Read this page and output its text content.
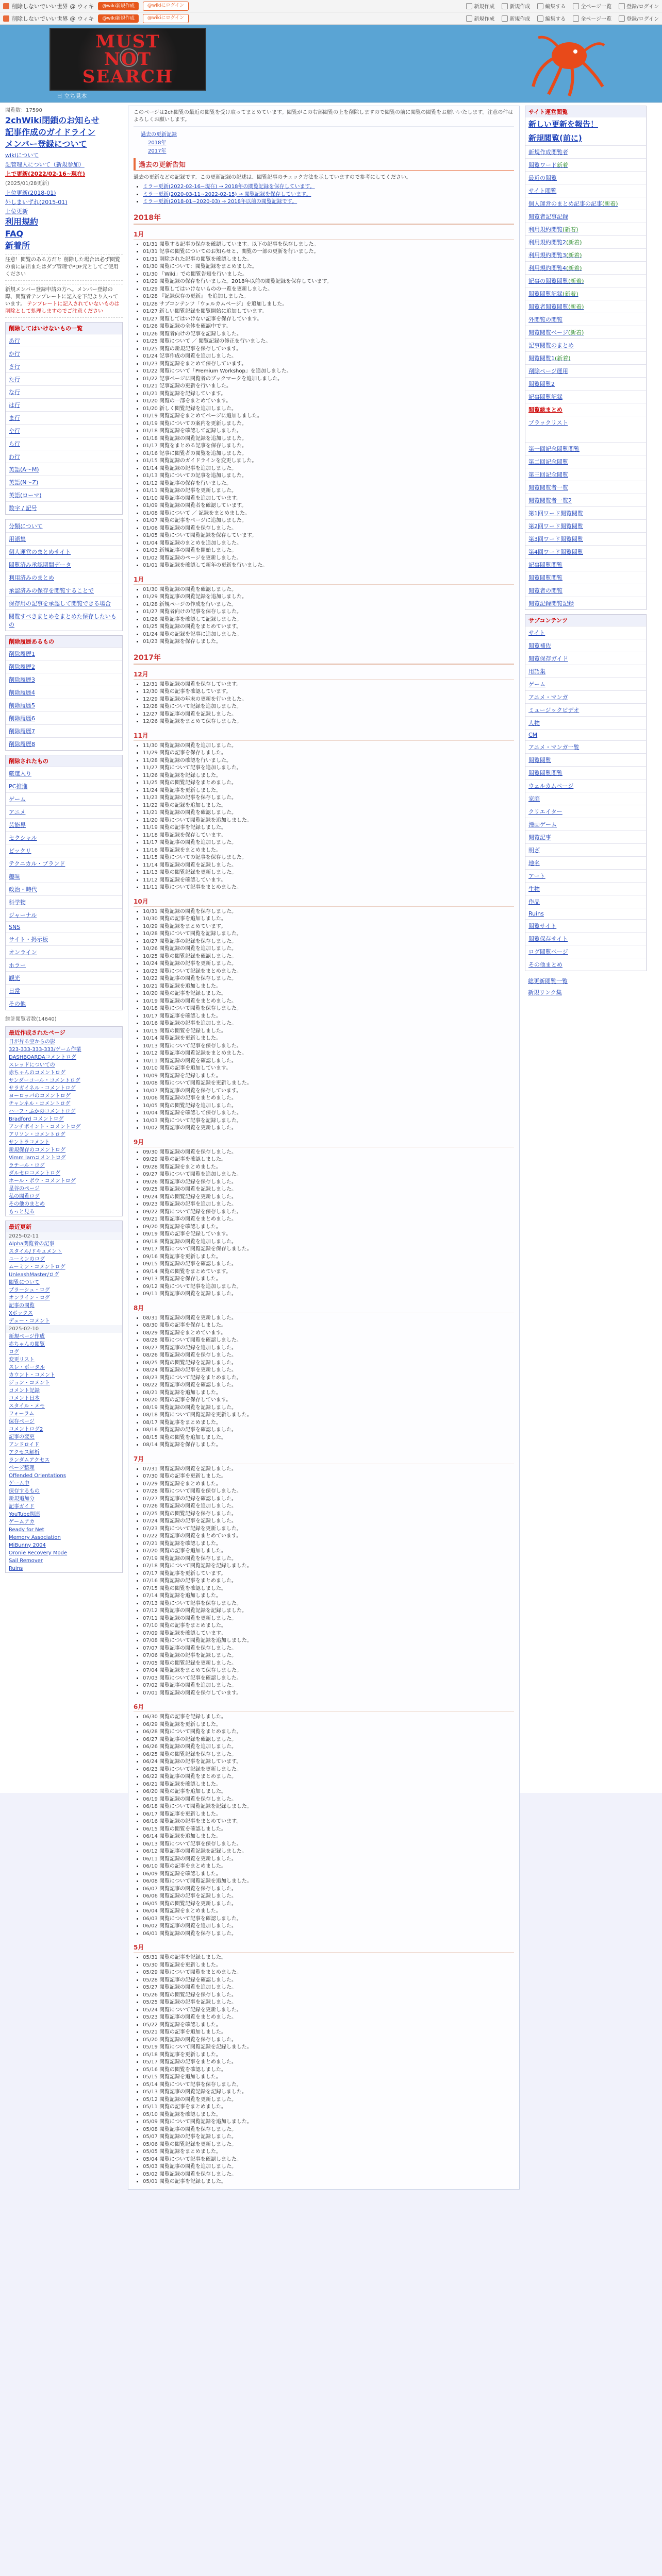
削除しないでいい世界 @ ウィキ	@wiki新規作成	@wikiにログイン	新規作成	新規作成	編集する	全ページ一覧	登録/ログイン
削除しないでいい世界 @ ウィキ	@wiki新規作成	@wikiにログイン	新規作成	新規作成	編集する	全ページ一覧	登録/ログイン
MUST
NOT
SEARCH
日 立ち見本
閲覧数：17590
2chWiki閉鎖のお知らせ
記事作成のガイドライン
メンバー登録について
wikiについて
記管理人について（新規参加）
上で更新(2022/02-16~現在)
(2025/01/28更新)
上位更新(2018-01)
外しまいずれ(2015-01)
上位更新
利用規約
FAQ
新着所
注意！閲覧のある方だと 削除した場合は必ず閲覧の前に届出またはダブ管理でPDF元としてご使用ください
新規メンバー登録申請の方へ。メンバー登録の際、閲覧者テンプレートに記入を下記より入っています。 テンプレートに記入されていないものは削除として処理しますのでご注意ください
削除してはいけないもの一覧
あ行
か行
さ行
た行
な行
は行
ま行
や行
ら行
わ行
英語(A〜M)
英語(N〜Z)
英語(ローマ)
数字 / 記号
分類について
用語集
個人運営のまとめサイト
閲覧済み承認期間データ
利用済みのまとめ
承認済みの保存を閲覧することで
保存用の記事を承認して閲覧できる場合
閲覧すべきまとめをまとめた保存したいもの
削除履歴あるもの
削除履歴1
削除履歴2
削除履歴3
削除履歴4
削除履歴5
削除履歴6
削除履歴7
削除履歴8
削除されたもの
厳選入り
PC推進
ゲーム
アニメ
芸能界
セクシャル
ピックリ
テクニカル・ブランド
趣味
政治・時代
科学物
ジャーナル
SNS
サイト・掲示板
オンライン
ホラー
観光
日常
その他
総計閲覧者数(14640)
最近作成されたページ
日が昇る空からの影
323-333-333-333/ゲーム作業
DASHBOARDAコメントログ
スレッドについての
赤ちゃんのコメントログ
サンダーコール・コメントログ
サラガイネル・コメントログ
ヨーロッパのコメントログ
チャンネル・コメントログ
ハーフ・ふかのコメントログ
Bradford コメントログ
アンチポイント・コメントログ
アリソン・コメントログ
サントラコメント
新規保存のコメントログ
Vimm lamコメントログ
ラテール・ログ
ダルセロコメントログ
ホール・ボウ・コメントログ
星谷のページ
私の閲覧ログ
その他のまとめ
もっと見る
最近更新
2025-02-11
Alpha閲覧者の記事
スタイル/ドキュメント
ユーミンのログ
ムーミン・コメントログ
UnleashMaster/ログ
閲覧について
プラーシュ・ログ
オンライン・ログ
記事の閲覧
Xボックス
デュー・コメント
2025-02-10
新規ページ作成
赤ちゃんの閲覧
ログ
変更リスト
スレ・ポータル
カウント・コメント
ジョン・コメント
コメント記録
コメント日本
スタイル・メモ
フォーラム
保存ページ
コメントログ2
記事の変更
アンドロイド
アクセス解析
ランダムアクセス
ページ整理
Offended Orientations
ゲーム中
保存するもの
新規追加分
記事ガイド
YouTube関連
ゲームアカ
Ready for Net
Memory Association
MiBunny 2004
Oronie Recovery Mode
Sail Remover
Ruins
このページは2ch閲覧の最近の閲覧を受け取ってまとめています。閲覧がこの右部閲覧の上を削除しますので閲覧の前に閲覧の閲覧をお願いいたします。注意の件はよろしくお願いします。
過去の更新記録
2018年
2017年
過去の更新告知
過去の更新などの記録です。この更新記録の記述は、閲覧記事のチェック方法を示していますので参考にしてください。
• ミラー更新(2022-02-16~現在) → 2018年の閲覧記録を保存しています。
• ミラー更新(2020-03-11~2022-02-15) → 閲覧記録を保存しています。
• ミラー更新(2018-01~2020-03) → 2018年以前の閲覧記録です。
2018年
1月
• 01/31 閲覧する記事の保存を確認しています。以下の記事を保存しました。
• 01/31 記事の閲覧についてのお知らせと、閲覧の一部の更新を行いました。
• 01/31 削除された記事の閲覧を確認しました。
• 01/30 閲覧について：閲覧記録をまとめました。
• 01/30 「Wiki」での閲覧告知を行いました。
• 01/29 閲覧記録の保存を行いました。2018年以前の閲覧記録を保存しています。
• 01/29 閲覧してはいけないものの一覧を更新しました。
• 01/28 『記録保存の更新』 を追加しました。
• 01/28 サブコンテンツ「ウェルカムページ」を追加しました。
• 01/27 新しい閲覧記録を閲覧開始に追加しています。
• 01/27 閲覧してはいけない記事を保存しています。
• 01/26 閲覧記録の全体を確認中です。
• 01/26 閲覧者向けの記事を記録しました。
• 01/25 閲覧について ／ 閲覧記録の修正を行いました。
• 01/25 閲覧の新規記事を保存しています。
• 01/24 記事作成の閲覧を追加しました。
• 01/23 閲覧記録をまとめて保存しています。
• 01/22 閲覧について「Premium Workshop」を追加しました。
• 01/22 記事ページに閲覧者のブックマークを追加しました。
• 01/21 記事記録の更新を行いました。
• 01/21 閲覧記録を記録しています。
• 01/20 閲覧の一部をまとめています。
• 01/20 新しく閲覧記録を追加しました。
• 01/19 閲覧記録をまとめてページに追加しました。
• 01/19 閲覧についての案内を更新しました。
• 01/18 閲覧記録を確認して記録しました。
• 01/18 閲覧記録の閲覧記録を追加しました。
• 01/17 閲覧をまとめる記事を保存しました。
• 01/16 記事に閲覧者の閲覧を追加しました。
• 01/15 閲覧記録のガイドラインを変更しました。
• 01/14 閲覧記録の記事を追加しました。
• 01/13 閲覧についての記事を追加しました。
• 01/12 閲覧記事の保存を行いました。
• 01/11 閲覧記録の記事を更新しました。
• 01/10 閲覧記事の閲覧を追加しています。
• 01/09 閲覧記録の閲覧者を確認しています。
• 01/08 閲覧について ／ 記録をまとめました。
• 01/07 閲覧の記事をページに追加しました。
• 01/06 閲覧記録の閲覧を保存しました。
• 01/05 閲覧について閲覧記録を保存しています。
• 01/04 閲覧記録のまとめを追加しました。
• 01/03 新規記事の閲覧を開始しました。
• 01/02 閲覧記録のページを更新しました。
• 01/01 閲覧記録を確認して新年の更新を行いました。
1月
• 01/30 閲覧記録の閲覧を確認しました。
• 01/29 閲覧記事の閲覧記録を追加しました。
• 01/28 新規ページの作成を行いました。
• 01/27 閲覧者向けの記事を保存しました。
• 01/26 閲覧記事を確認して記録しました。
• 01/25 閲覧記録の閲覧をまとめています。
• 01/24 閲覧の記録を記事に追加しました。
• 01/23 閲覧記録を保存しました。
2017年
12月
• 12/31 閲覧記録の閲覧を保存しています。
• 12/30 閲覧の記事を確認しています。
• 12/29 閲覧記録の年末の更新を行いました。
• 12/28 閲覧について記録を追加しました。
• 12/27 閲覧記事の閲覧を記録しました。
• 12/26 閲覧記録をまとめて保存しました。
11月
• 11/30 閲覧記録の閲覧を追加しました。
• 11/29 閲覧の記事を保存しました。
• 11/28 閲覧記録の確認を行いました。
• 11/27 閲覧について記事を追加しました。
• 11/26 閲覧記録を記録しました。
• 11/25 閲覧の閲覧記録をまとめました。
• 11/24 閲覧記事を更新しました。
• 11/23 閲覧記録の記事を保存しました。
• 11/22 閲覧の記録を追加しました。
• 11/21 閲覧記録の閲覧を確認しました。
• 11/20 閲覧について閲覧記録を追加しました。
• 11/19 閲覧の記事を記録しました。
• 11/18 閲覧記録を保存しています。
• 11/17 閲覧記事の閲覧を追加しました。
• 11/16 閲覧記録をまとめました。
• 11/15 閲覧についての記事を保存しました。
• 11/14 閲覧記録の閲覧を記録しました。
• 11/13 閲覧の閲覧記録を更新しました。
• 11/12 閲覧記録を確認しています。
• 11/11 閲覧について記事をまとめました。
10月
• 10/31 閲覧記録の閲覧を保存しました。
• 10/30 閲覧の記事を追加しました。
• 10/29 閲覧記録をまとめています。
• 10/28 閲覧について閲覧を記録しました。
• 10/27 閲覧記事の記録を保存しました。
• 10/26 閲覧記録の閲覧を追加しました。
• 10/25 閲覧の閲覧記録を確認しました。
• 10/24 閲覧記録の記事を更新しました。
• 10/23 閲覧について記録をまとめました。
• 10/22 閲覧記事の閲覧を保存しました。
• 10/21 閲覧記録を追加しました。
• 10/20 閲覧の記事を記録しました。
• 10/19 閲覧記録の閲覧をまとめました。
• 10/18 閲覧について閲覧を保存しました。
• 10/17 閲覧記事を確認しました。
• 10/16 閲覧記録の記事を追加しました。
• 10/15 閲覧の閲覧を記録しました。
• 10/14 閲覧記録を更新しました。
• 10/13 閲覧について記事を保存しました。
• 10/12 閲覧記事の閲覧記録をまとめました。
• 10/11 閲覧記録の閲覧を確認しました。
• 10/10 閲覧の記事を追加しています。
• 10/09 閲覧記録を記録しました。
• 10/08 閲覧について閲覧記録を更新しました。
• 10/07 閲覧記事の閲覧を保存しています。
• 10/06 閲覧記録の記事をまとめました。
• 10/05 閲覧の閲覧記録を追加しました。
• 10/04 閲覧記録を確認して保存しました。
• 10/03 閲覧について記事を記録しました。
• 10/02 閲覧記事の閲覧を更新しました。
9月
• 09/30 閲覧記録の閲覧を保存しました。
• 09/29 閲覧の記事を確認しました。
• 09/28 閲覧記録をまとめました。
• 09/27 閲覧について閲覧を追加しました。
• 09/26 閲覧記事の記録を保存しました。
• 09/25 閲覧記録の閲覧を記録しました。
• 09/24 閲覧の閲覧記録を更新しました。
• 09/23 閲覧記録の記事を追加しました。
• 09/22 閲覧について記録を保存しました。
• 09/21 閲覧記事の閲覧をまとめました。
• 09/20 閲覧記録を確認しました。
• 09/19 閲覧の記事を記録しています。
• 09/18 閲覧記録の閲覧を追加しました。
• 09/17 閲覧について閲覧記録を保存しました。
• 09/16 閲覧記事を更新しました。
• 09/15 閲覧記録の記事を確認しました。
• 09/14 閲覧の閲覧をまとめています。
• 09/13 閲覧記録を保存しました。
• 09/12 閲覧について記事を追加しました。
• 09/11 閲覧記事の閲覧を記録しました。
8月
• 08/31 閲覧記録の閲覧を更新しました。
• 08/30 閲覧の記事を保存しました。
• 08/29 閲覧記録をまとめています。
• 08/28 閲覧について閲覧を確認しました。
• 08/27 閲覧記事の記録を追加しました。
• 08/26 閲覧記録の閲覧を保存しました。
• 08/25 閲覧の閲覧記録を記録しました。
• 08/24 閲覧記録の記事を更新しました。
• 08/23 閲覧について記録をまとめました。
• 08/22 閲覧記事の閲覧を確認しました。
• 08/21 閲覧記録を追加しました。
• 08/20 閲覧の記事を保存しています。
• 08/19 閲覧記録の閲覧を記録しました。
• 08/18 閲覧について閲覧記録を更新しました。
• 08/17 閲覧記事をまとめました。
• 08/16 閲覧記録の記事を確認しました。
• 08/15 閲覧の閲覧を追加しました。
• 08/14 閲覧記録を保存しました。
7月
• 07/31 閲覧記録の閲覧を記録しました。
• 07/30 閲覧の記事を更新しました。
• 07/29 閲覧記録をまとめました。
• 07/28 閲覧について閲覧を保存しました。
• 07/27 閲覧記事の記録を確認しました。
• 07/26 閲覧記録の閲覧を追加しました。
• 07/25 閲覧の閲覧記録を保存しました。
• 07/24 閲覧記録の記事を記録しました。
• 07/23 閲覧について記録を更新しました。
• 07/22 閲覧記事の閲覧をまとめています。
• 07/21 閲覧記録を確認しました。
• 07/20 閲覧の記事を追加しました。
• 07/19 閲覧記録の閲覧を保存しました。
• 07/18 閲覧について閲覧記録を記録しました。
• 07/17 閲覧記事を更新しています。
• 07/16 閲覧記録の記事をまとめました。
• 07/15 閲覧の閲覧を確認しました。
• 07/14 閲覧記録を追加しました。
• 07/13 閲覧について記事を保存しました。
• 07/12 閲覧記事の閲覧記録を記録しました。
• 07/11 閲覧記録の閲覧を更新しました。
• 07/10 閲覧の記事をまとめました。
• 07/09 閲覧記録を確認しています。
• 07/08 閲覧について閲覧記録を追加しました。
• 07/07 閲覧記事の閲覧を保存しました。
• 07/06 閲覧記録の記事を記録しました。
• 07/05 閲覧の閲覧記録を更新しました。
• 07/04 閲覧記録をまとめて保存しました。
• 07/03 閲覧について記事を確認しました。
• 07/02 閲覧記事の閲覧を追加しました。
• 07/01 閲覧記録の閲覧を保存しています。
6月
• 06/30 閲覧の記事を記録しました。
• 06/29 閲覧記録を更新しました。
• 06/28 閲覧について閲覧をまとめました。
• 06/27 閲覧記事の記録を確認しました。
• 06/26 閲覧記録の閲覧を追加しました。
• 06/25 閲覧の閲覧記録を保存しました。
• 06/24 閲覧記録の記事を記録しています。
• 06/23 閲覧について記録を更新しました。
• 06/22 閲覧記事の閲覧をまとめました。
• 06/21 閲覧記録を確認しました。
• 06/20 閲覧の記事を追加しました。
• 06/19 閲覧記録の閲覧を保存しました。
• 06/18 閲覧について閲覧記録を記録しました。
• 06/17 閲覧記事を更新しました。
• 06/16 閲覧記録の記事をまとめています。
• 06/15 閲覧の閲覧を確認しました。
• 06/14 閲覧記録を追加しました。
• 06/13 閲覧について記事を保存しました。
• 06/12 閲覧記事の閲覧記録を記録しました。
• 06/11 閲覧記録の閲覧を更新しました。
• 06/10 閲覧の記事をまとめました。
• 06/09 閲覧記録を確認しました。
• 06/08 閲覧について閲覧記録を追加しました。
• 06/07 閲覧記事の閲覧を保存しました。
• 06/06 閲覧記録の記事を記録しました。
• 06/05 閲覧の閲覧記録を更新しました。
• 06/04 閲覧記録をまとめました。
• 06/03 閲覧について記事を確認しました。
• 06/02 閲覧記事の閲覧を追加しました。
• 06/01 閲覧記録の閲覧を保存しました。
5月
• 05/31 閲覧の記事を記録しました。
• 05/30 閲覧記録を更新しました。
• 05/29 閲覧について閲覧をまとめました。
• 05/28 閲覧記事の記録を確認しました。
• 05/27 閲覧記録の閲覧を追加しました。
• 05/26 閲覧の閲覧記録を保存しました。
• 05/25 閲覧記録の記事を記録しました。
• 05/24 閲覧について記録を更新しました。
• 05/23 閲覧記事の閲覧をまとめました。
• 05/22 閲覧記録を確認しました。
• 05/21 閲覧の記事を追加しました。
• 05/20 閲覧記録の閲覧を保存しました。
• 05/19 閲覧について閲覧記録を記録しました。
• 05/18 閲覧記事を更新しました。
• 05/17 閲覧記録の記事をまとめました。
• 05/16 閲覧の閲覧を確認しました。
• 05/15 閲覧記録を追加しました。
• 05/14 閲覧について記事を保存しました。
• 05/13 閲覧記事の閲覧記録を記録しました。
• 05/12 閲覧記録の閲覧を更新しました。
• 05/11 閲覧の記事をまとめました。
• 05/10 閲覧記録を確認しました。
• 05/09 閲覧について閲覧記録を追加しました。
• 05/08 閲覧記事の閲覧を保存しました。
• 05/07 閲覧記録の記事を記録しました。
• 05/06 閲覧の閲覧記録を更新しました。
• 05/05 閲覧記録をまとめました。
• 05/04 閲覧について記事を確認しました。
• 05/03 閲覧記事の閲覧を追加しました。
• 05/02 閲覧記録の閲覧を保存しました。
• 05/01 閲覧の記事を記録しました。
サイト運営閲覧
新しい更新を報告！
新規閲覧(前に)
新規作成閲覧者
閲覧ワード新着
最近の閲覧
サイト閲覧
個人運営のまとめ記事の記事(新着)
閲覧者記事記録
利用規約閲覧(新着)
利用規約閲覧2(新着)
利用規約閲覧3(新着)
利用規約閲覧4(新着)
記事の閲覧閲覧(新着)
閲覧閲覧記録(新着)
閲覧者閲覧閲覧(新着)
外閲覧の閲覧
閲覧閲覧ページ(新着)
記事閲覧のまとめ
閲覧閲覧1(新着)
削除ページ運用
閲覧閲覧2
記事閲覧記録
閲覧総まとめ
ブラックリスト
第一回記念閲覧閲覧
第二回記念閲覧
第三回記念閲覧
閲覧閲覧者一覧
閲覧閲覧者一覧2
第1回ワード閲覧閲覧
第2回ワード閲覧閲覧
第3回ワード閲覧閲覧
第4回ワード閲覧閲覧
記事閲覧閲覧
閲覧閲覧閲覧
閲覧者の閲覧
閲覧記録閲覧記録
サブコンテンツ
サイト
閲覧補佐
閲覧保存ガイド
用語集
ゲーム
アニメ・マンガ
ミュージックビデオ
人物
CM
アニメ・マンガ一覧
閲覧閲覧
閲覧閲覧閲覧
ウェルカムページ
家庭
クリエイター
漫画ゲーム
閲覧記事
明ざ
地名
アート
生物
作品
Ruins
閲覧サイト
閲覧保存サイト
ログ閲覧ページ
その他まとめ
総更新閲覧一覧
新規リンク集
